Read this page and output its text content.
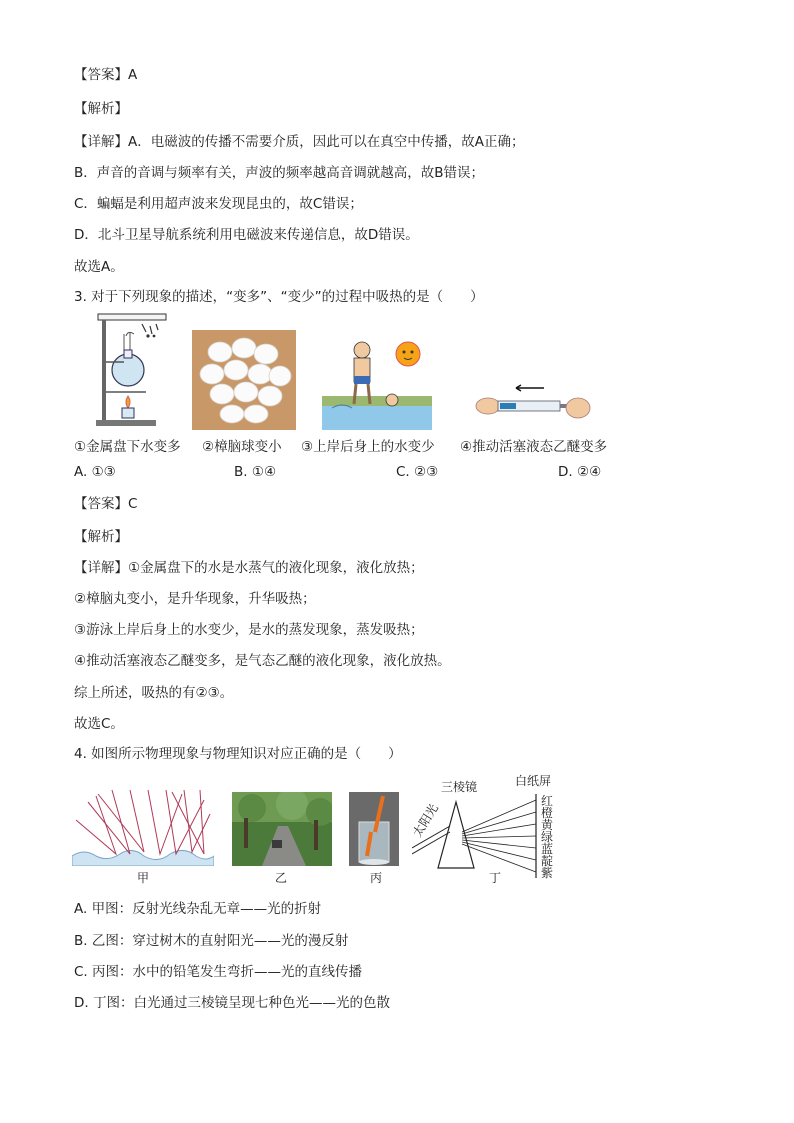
【答案】A
【解析】
【详解】A．电磁波的传播不需要介质，因此可以在真空中传播，故A正确；
B．声音的音调与频率有关，声波的频率越高音调就越高，故B错误；
C．蝙蝠是利用超声波来发现昆虫的，故C错误；
D．北斗卫星导航系统利用电磁波来传递信息，故D错误。
故选A。
3. 对于下列现象的描述，“变多”、“变少”的过程中吸热的是（　　）
①金属盘下水变多 ②樟脑球变小 ③上岸后身上的水变少 ④推动活塞液态乙醚变多
A. ①③	B. ①④	C. ②③	D. ②④
【答案】C
【解析】
【详解】①金属盘下的水是水蒸气的液化现象，液化放热；
②樟脑丸变小，是升华现象，升华吸热；
③游泳上岸后身上的水变少，是水的蒸发现象，蒸发吸热；
④推动活塞液态乙醚变多，是气态乙醚的液化现象，液化放热。
综上所述，吸热的有②③。
故选C。
4. 如图所示物理现象与物理知识对应正确的是（　　）
三棱镜	白纸屏
太阳光
红
橙
黄
绿
蓝
靛
紫
甲	乙	丙	丁
A. 甲图：反射光线杂乱无章——光的折射
B. 乙图：穿过树木的直射阳光——光的漫反射
C. 丙图：水中的铅笔发生弯折——光的直线传播
D. 丁图：白光通过三棱镜呈现七种色光——光的色散
